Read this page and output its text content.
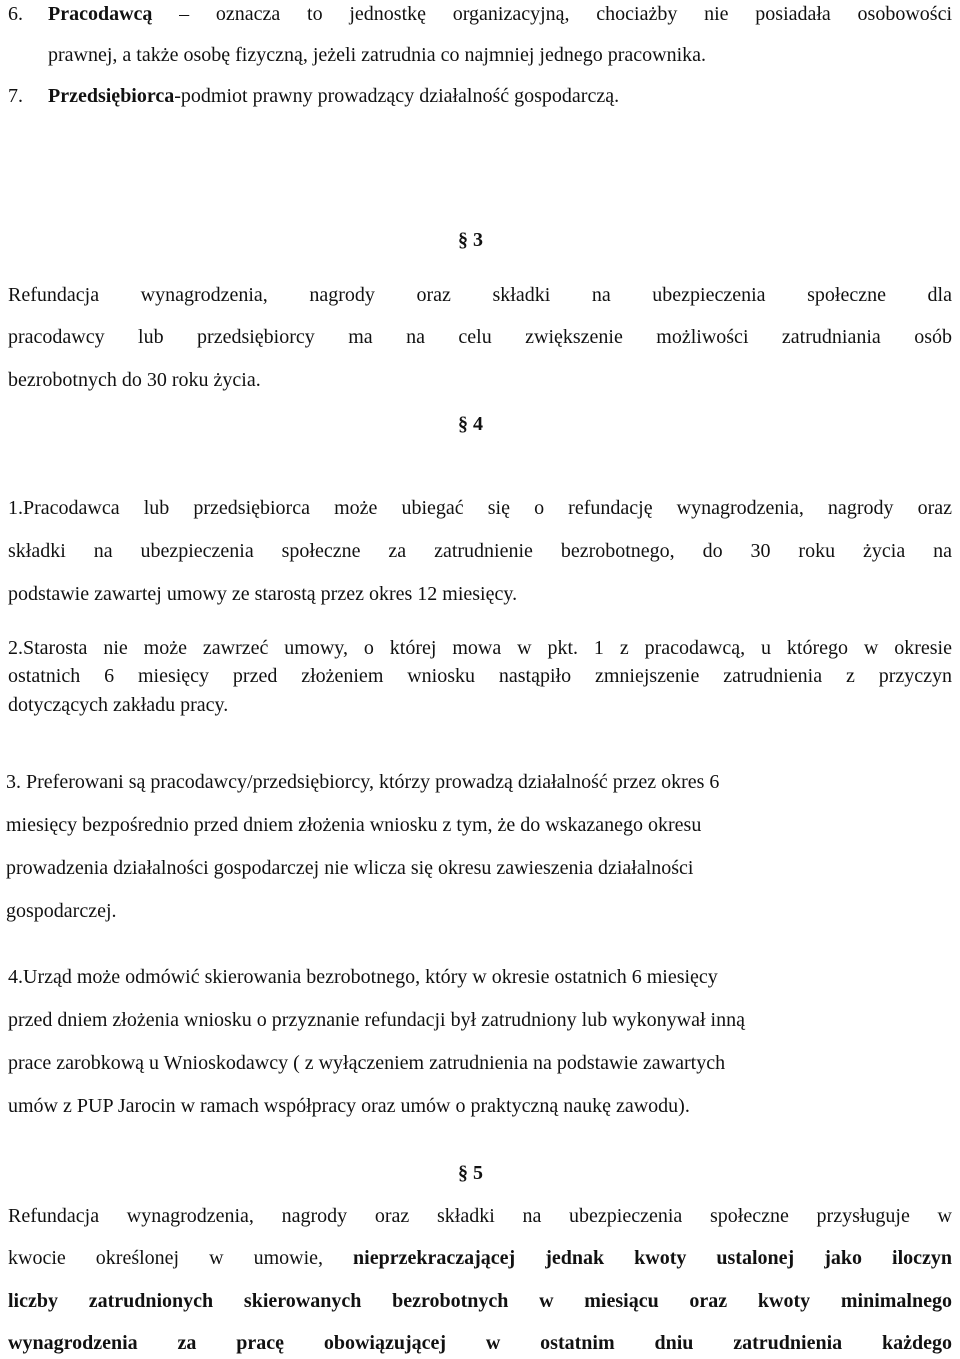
6. Pracodawcą – oznacza to jednostkę organizacyjną, chociażby nie posiadała osobowości
prawnej, a także osobę fizyczną, jeżeli zatrudnia co najmniej jednego pracownika.
7. Przedsiębiorca-podmiot prawny prowadzący działalność gospodarczą.
§ 3
Refundacja wynagrodzenia, nagrody oraz składki na ubezpieczenia społeczne dla
pracodawcy lub przedsiębiorcy ma na celu zwiększenie możliwości zatrudniania osób
bezrobotnych do 30 roku życia.
§ 4
1.Pracodawca lub przedsiębiorca może ubiegać się o refundację wynagrodzenia, nagrody oraz
składki na ubezpieczenia społeczne za zatrudnienie bezrobotnego, do 30 roku życia na
podstawie zawartej umowy ze starostą przez okres 12 miesięcy.
2.Starosta nie może zawrzeć umowy, o której mowa w pkt. 1 z pracodawcą, u którego w okresie
ostatnich 6 miesięcy przed złożeniem wniosku nastąpiło zmniejszenie zatrudnienia z przyczyn
dotyczących zakładu pracy.
3. Preferowani są pracodawcy/przedsiębiorcy, którzy prowadzą działalność przez okres 6
miesięcy bezpośrednio przed dniem złożenia wniosku z tym, że do wskazanego okresu
prowadzenia działalności gospodarczej nie wlicza się okresu zawieszenia działalności
gospodarczej.
4.Urząd może odmówić skierowania bezrobotnego, który w okresie ostatnich 6 miesięcy
przed dniem złożenia wniosku o przyznanie refundacji był zatrudniony lub wykonywał inną
prace zarobkową u Wnioskodawcy ( z wyłączeniem zatrudnienia na podstawie zawartych
umów z PUP Jarocin w ramach współpracy oraz umów o praktyczną naukę zawodu).
§ 5
Refundacja wynagrodzenia, nagrody oraz składki na ubezpieczenia społeczne przysługuje w
kwocie określonej w umowie, nieprzekraczającej jednak kwoty ustalonej jako iloczyn
liczby zatrudnionych skierowanych bezrobotnych w miesiącu oraz kwoty minimalnego
wynagrodzenia za pracę obowiązującej w ostatnim dniu zatrudnienia każdego
